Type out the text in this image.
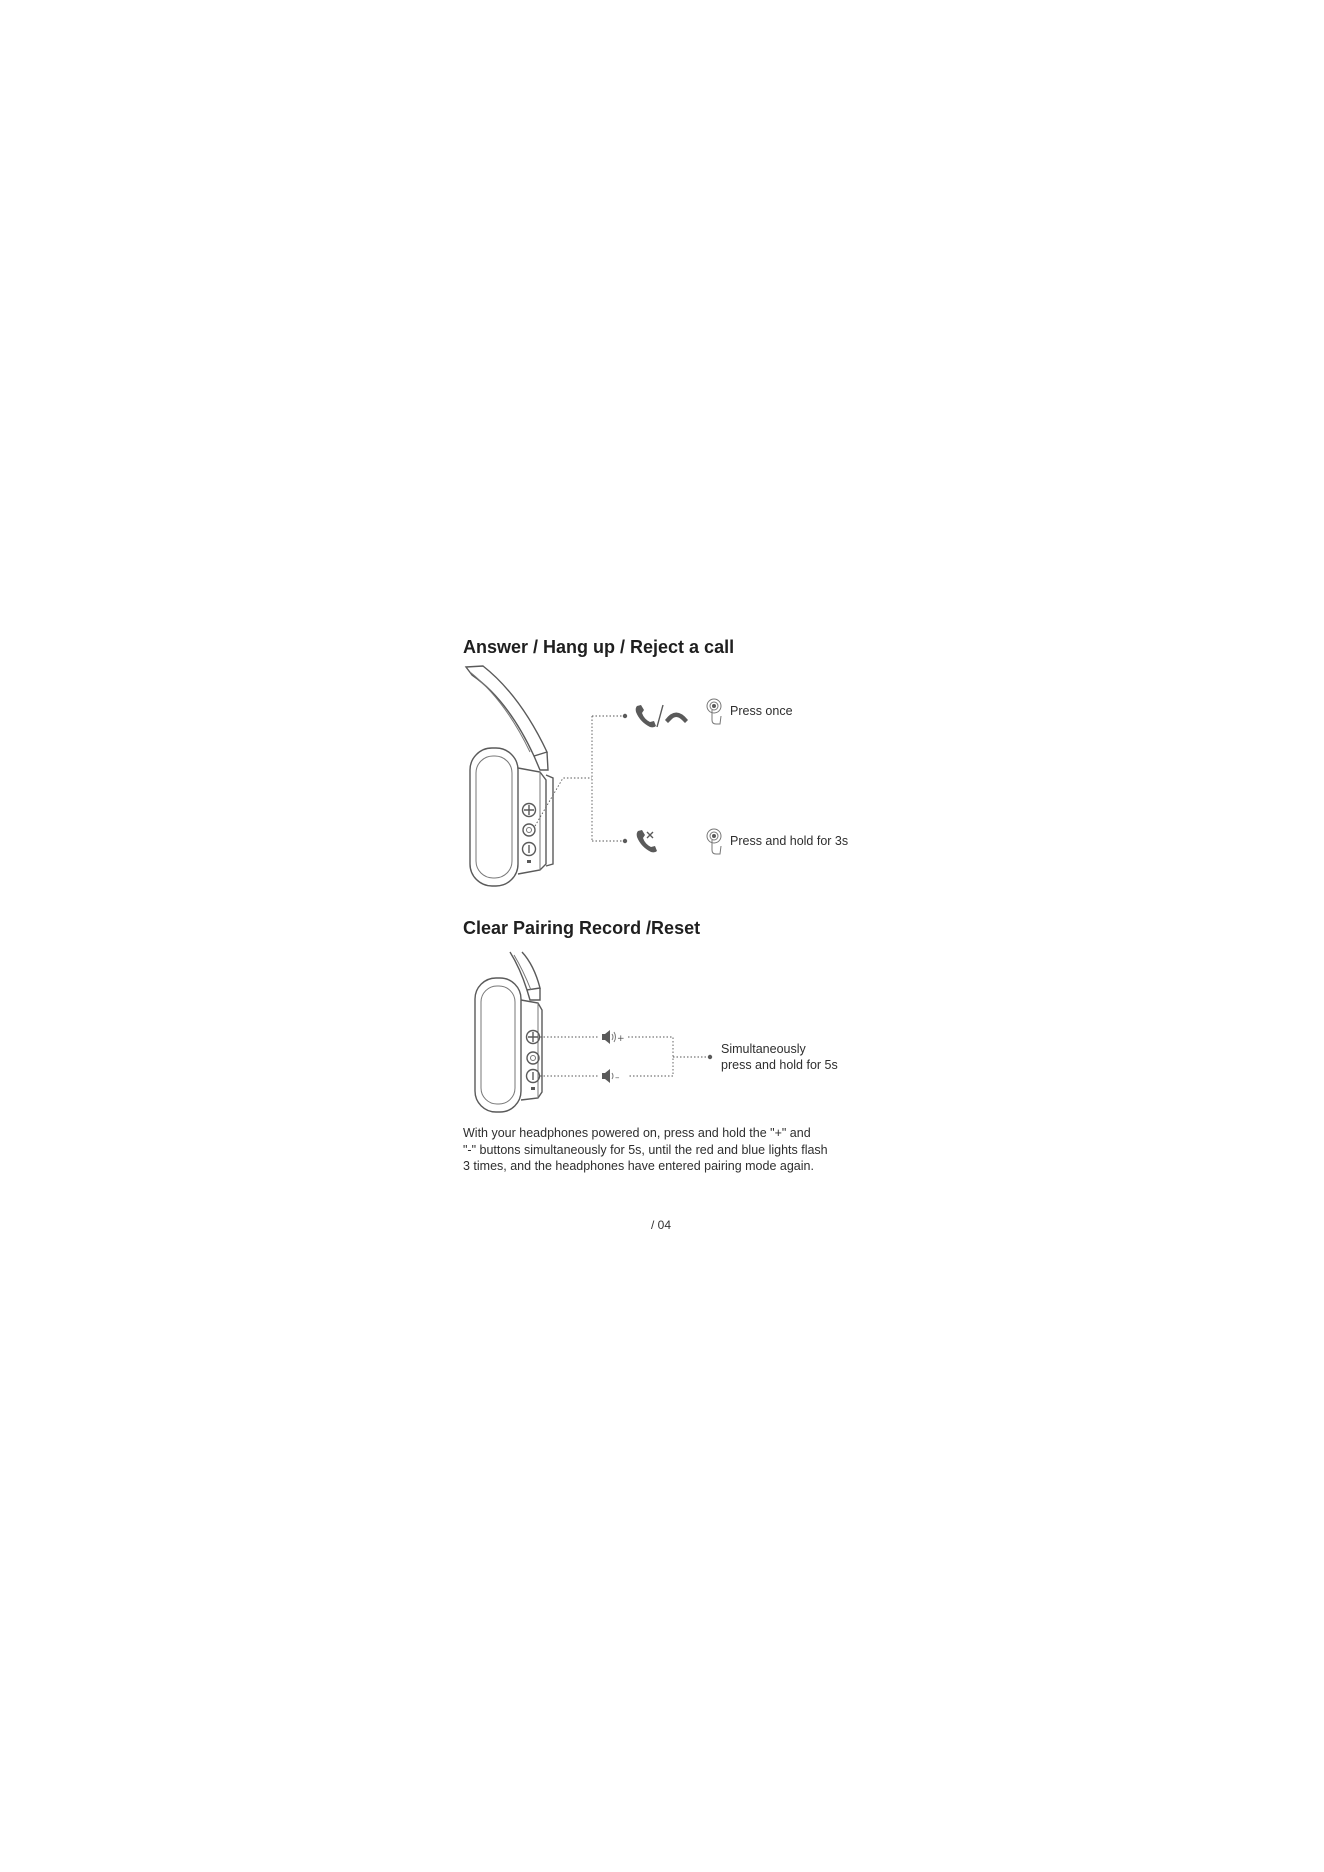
Answer / Hang up / Reject a call
Press once
Press and hold for 3s
Clear Pairing Record /Reset
+
–
Simultaneously
press and hold for 5s
With your headphones powered on, press and hold the "+" and
"-" buttons simultaneously for 5s, until the red and blue lights flash
3 times, and the headphones have entered pairing mode again.
/ 04
